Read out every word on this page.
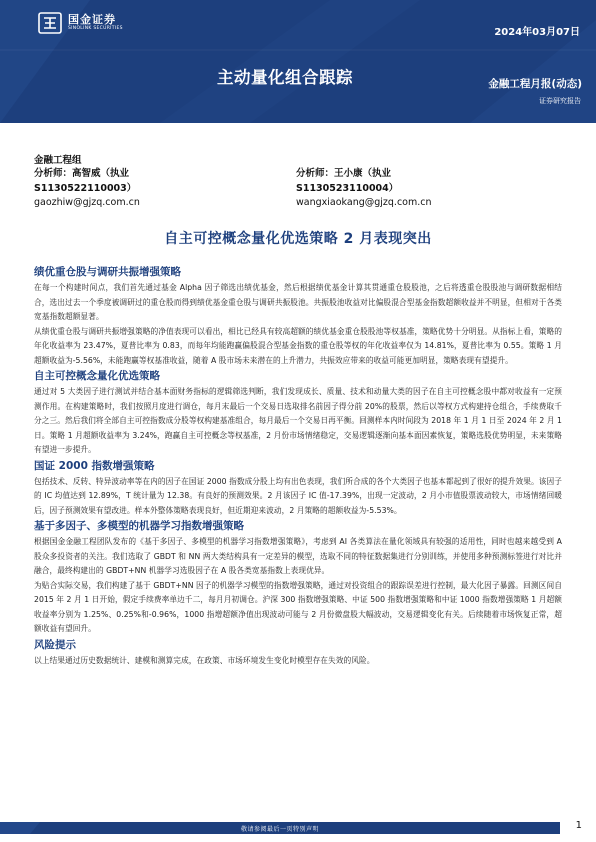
国金证券
SINOLINK SECURITIES	2024年03月07日
主动量化组合跟踪	金融工程月报(动态)
证券研究报告
金融工程组
分析师：高智威（执业
S1130522110003）
gaozhiw@gjzq.com.cn
分析师：王小康（执业
S1130523110004）
wangxiaokang@gjzq.com.cn
自主可控概念量化优选策略 2 月表现突出
绩优重仓股与调研共振增强策略

在每一个构建时间点，我们首先通过基金 Alpha 因子筛选出绩优基金，然后根据绩优基金计算其贯通重仓股股池，之后将透重仓股股池与调研数据相结合，选出过去一个季度被调研过的重仓股而得到绩优基金重仓股与调研共振股池。共振股池收益对比偏股混合型基金指数超额收益并不明显，但相对于各类宽基指数超额显著。

从绩优重仓股与调研共振增强策略的净值表现可以看出，相比已经具有较高超额的绩优基金重仓股股池等权基准，策略优势十分明显。从指标上看，策略的年化收益率为 23.47%，夏普比率为 0.83，而每年均能跑赢偏股混合型基金指数的重仓股等权的年化收益率仅为 14.81%，夏普比率为 0.55。策略 1 月超额收益为-5.56%，未能跑赢等权基准收益，随着 A 股市场未来潜在的上升潜力，共振效应带来的收益可能更加明显，策略表现有望提升。

自主可控概念量化优选策略

通过对 5 大类因子进行测试并结合基本面财务指标的逻辑筛选判断，我们发现成长、质量、技术和动量大类的因子在自主可控概念股中都对收益有一定预测作用。在构建策略时，我们按照月度进行调仓，每月末最后一个交易日选取排名前因子得分前 20%的股票，然后以等权方式构建持仓组合，手续费取千分之三。然后我们将全部自主可控指数成分股等权构建基准组合，每月最后一个交易日再平衡。回测样本内时间段为 2018 年 1 月 1 日至 2024 年 2 月 1 日。策略 1 月超额收益率为 3.24%，跑赢自主可控概念等权基准，2 月份市场情绪稳定，交易逻辑逐渐向基本面因素恢复，策略选股优势明显，未来策略有望进一步提升。

国证 2000 指数增强策略

包括技术、反转、特异波动率等在内的因子在国证 2000 指数成分股上均有出色表现，我们所合成的各个大类因子也基本都起到了很好的提升效果。该因子的 IC 均值达到 12.89%，T 统计量为 12.38。有良好的预测效果。2 月该因子 IC 值-17.39%，出现一定波动，2 月小市值股票波动较大，市场情绪回暖后，因子预测效果有望改进。样本外整体策略表现良好，但近期迎来波动，2 月策略的超额收益为-5.53%。

基于多因子、多模型的机器学习指数增强策略

根据国金金融工程团队发布的《基于多因子、多模型的机器学习指数增强策略》，考虑到 AI 各类算法在量化领域具有较强的适用性，同时也越来越受到 A 股众多投资者的关注。我们选取了 GBDT 和 NN 两大类结构具有一定差异的模型，选取不同的特征数据集进行分别训练，并使用多种预测标签进行对比并融合，最终构建出的 GBDT+NN 机器学习选股因子在 A 股各类宽基指数上表现优异。

为贴合实际交易，我们构建了基于 GBDT+NN 因子的机器学习模型的指数增强策略，通过对投资组合的跟踪误差进行控制，最大化因子暴露。回测区间自 2015 年 2 月 1 日开始，假定手续费率单边千二，每月月初调仓。沪深 300 指数增强策略、中证 500 指数增强策略和中证 1000 指数增强策略 1 月超额收益率分别为 1.25%、0.25%和-0.96%，1000 指增超额净值出现波动可能与 2 月份微盘股大幅波动，交易逻辑变化有关。后续随着市场恢复正常，超额收益有望回升。

风险提示

以上结果通过历史数据统计、建模和测算完成，在政策、市场环境发生变化时模型存在失效的风险。

敬请参阅最后一页特别声明	1
